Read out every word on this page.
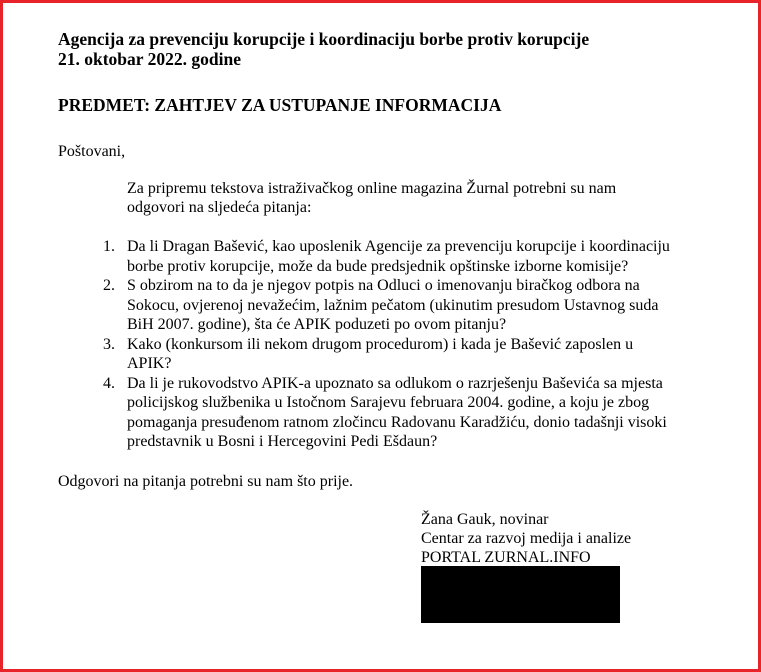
Agencija za prevenciju korupcije i koordinaciju borbe protiv korupcije
21. oktobar 2022. godine
PREDMET: ZAHTJEV ZA USTUPANJE INFORMACIJA
Poštovani,
Za pripremu tekstova istraživačkog online magazina Žurnal potrebni su nam
odgovori na sljedeća pitanja:
1. Da li Dragan Bašević, kao uposlenik Agencije za prevenciju korupcije i koordinaciju
borbe protiv korupcije, može da bude predsjednik opštinske izborne komisije?
2. S obzirom na to da je njegov potpis na Odluci o imenovanju biračkog odbora na
Sokocu, ovjerenoj nevažećim, lažnim pečatom (ukinutim presudom Ustavnog suda
BiH 2007. godine), šta će APIK poduzeti po ovom pitanju?
3. Kako (konkursom ili nekom drugom procedurom) i kada je Bašević zaposlen u
APIK?
4. Da li je rukovodstvo APIK-a upoznato sa odlukom o razrješenju Baševića sa mjesta
policijskog službenika u Istočnom Sarajevu februara 2004. godine, a koju je zbog
pomaganja presuđenom ratnom zločincu Radovanu Karadžiću, donio tadašnji visoki
predstavnik u Bosni i Hercegovini Pedi Ešdaun?
Odgovori na pitanja potrebni su nam što prije.
Žana Gauk, novinar
Centar za razvoj medija i analize
PORTAL ZURNAL.INFO
